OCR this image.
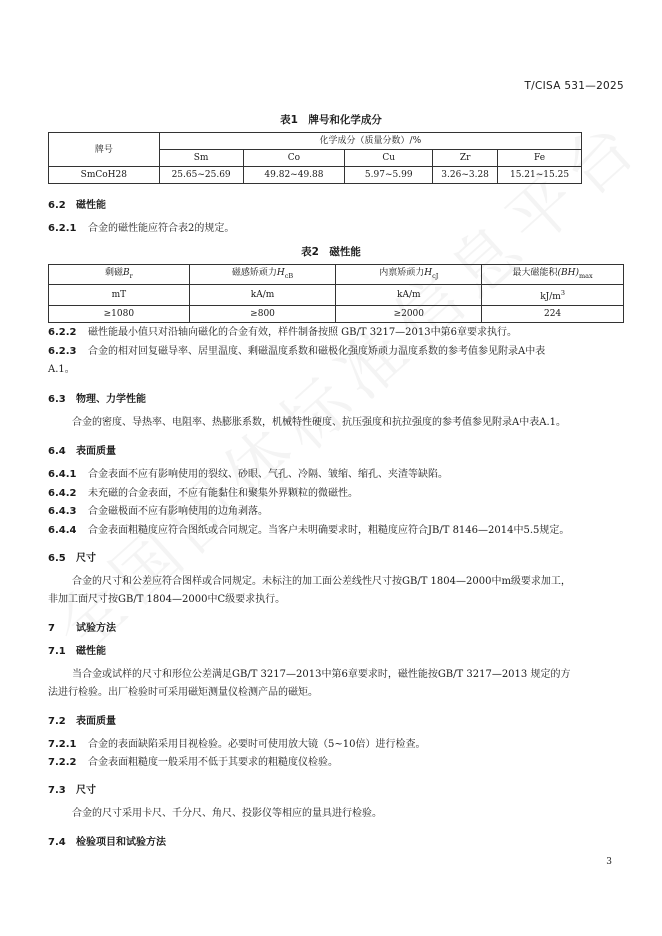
T/CISA 531—2025
表1　牌号和化学成分
牌号	化学成分（质量分数）/%				
	Sm	Co	Cu	Zr	Fe
SmCoH28	25.65~25.69	49.82~49.88	5.97~5.99	3.26~3.28	15.21~15.25
6.2 磁性能
6.2.1 合金的磁性能应符合表2的规定。
表2　磁性能
剩磁$B_r$	磁感矫顽力$H_{cB}$	内禀矫顽力$H_{cJ}$	最大磁能积$(BH)_{max}$
mT	kA/m	kA/m	$kJ/m^3$
≥1080	≥800	≥2000	224
6.2.2 磁性能最小值只对沿轴向磁化的合金有效，样件制备按照 GB/T 3217—2013中第6章要求执行。
6.2.3 合金的相对回复磁导率、居里温度、剩磁温度系数和磁极化强度矫顽力温度系数的参考值参见附录A中表
A.1。
6.3 物理、力学性能
合金的密度、导热率、电阻率、热膨胀系数，机械特性硬度、抗压强度和抗拉强度的参考值参见附录A中表A.1。
6.4 表面质量
6.4.1 合金表面不应有影响使用的裂纹、砂眼、气孔、冷隔、皱缩、缩孔、夹渣等缺陷。
6.4.2 未充磁的合金表面，不应有能黏住和聚集外界颗粒的微磁性。
6.4.3 合金磁极面不应有影响使用的边角剥落。
6.4.4 合金表面粗糙度应符合图纸或合同规定。当客户未明确要求时，粗糙度应符合JB/T 8146—2014中5.5规定。
6.5 尺寸
合金的尺寸和公差应符合图样或合同规定。未标注的加工面公差线性尺寸按GB/T 1804—2000中m级要求加工，
非加工面尺寸按GB/T 1804—2000中C级要求执行。
7 试验方法
7.1 磁性能
当合金或试样的尺寸和形位公差满足GB/T 3217—2013中第6章要求时，磁性能按GB/T 3217—2013 规定的方
法进行检验。出厂检验时可采用磁矩测量仪检测产品的磁矩。
7.2 表面质量
7.2.1 合金的表面缺陷采用目视检验。必要时可使用放大镜（5~10倍）进行检查。
7.2.2 合金表面粗糙度一般采用不低于其要求的粗糙度仪检验。
7.3 尺寸
合金的尺寸采用卡尺、千分尺、角尺、投影仪等相应的量具进行检验。
7.4 检验项目和试验方法
3
